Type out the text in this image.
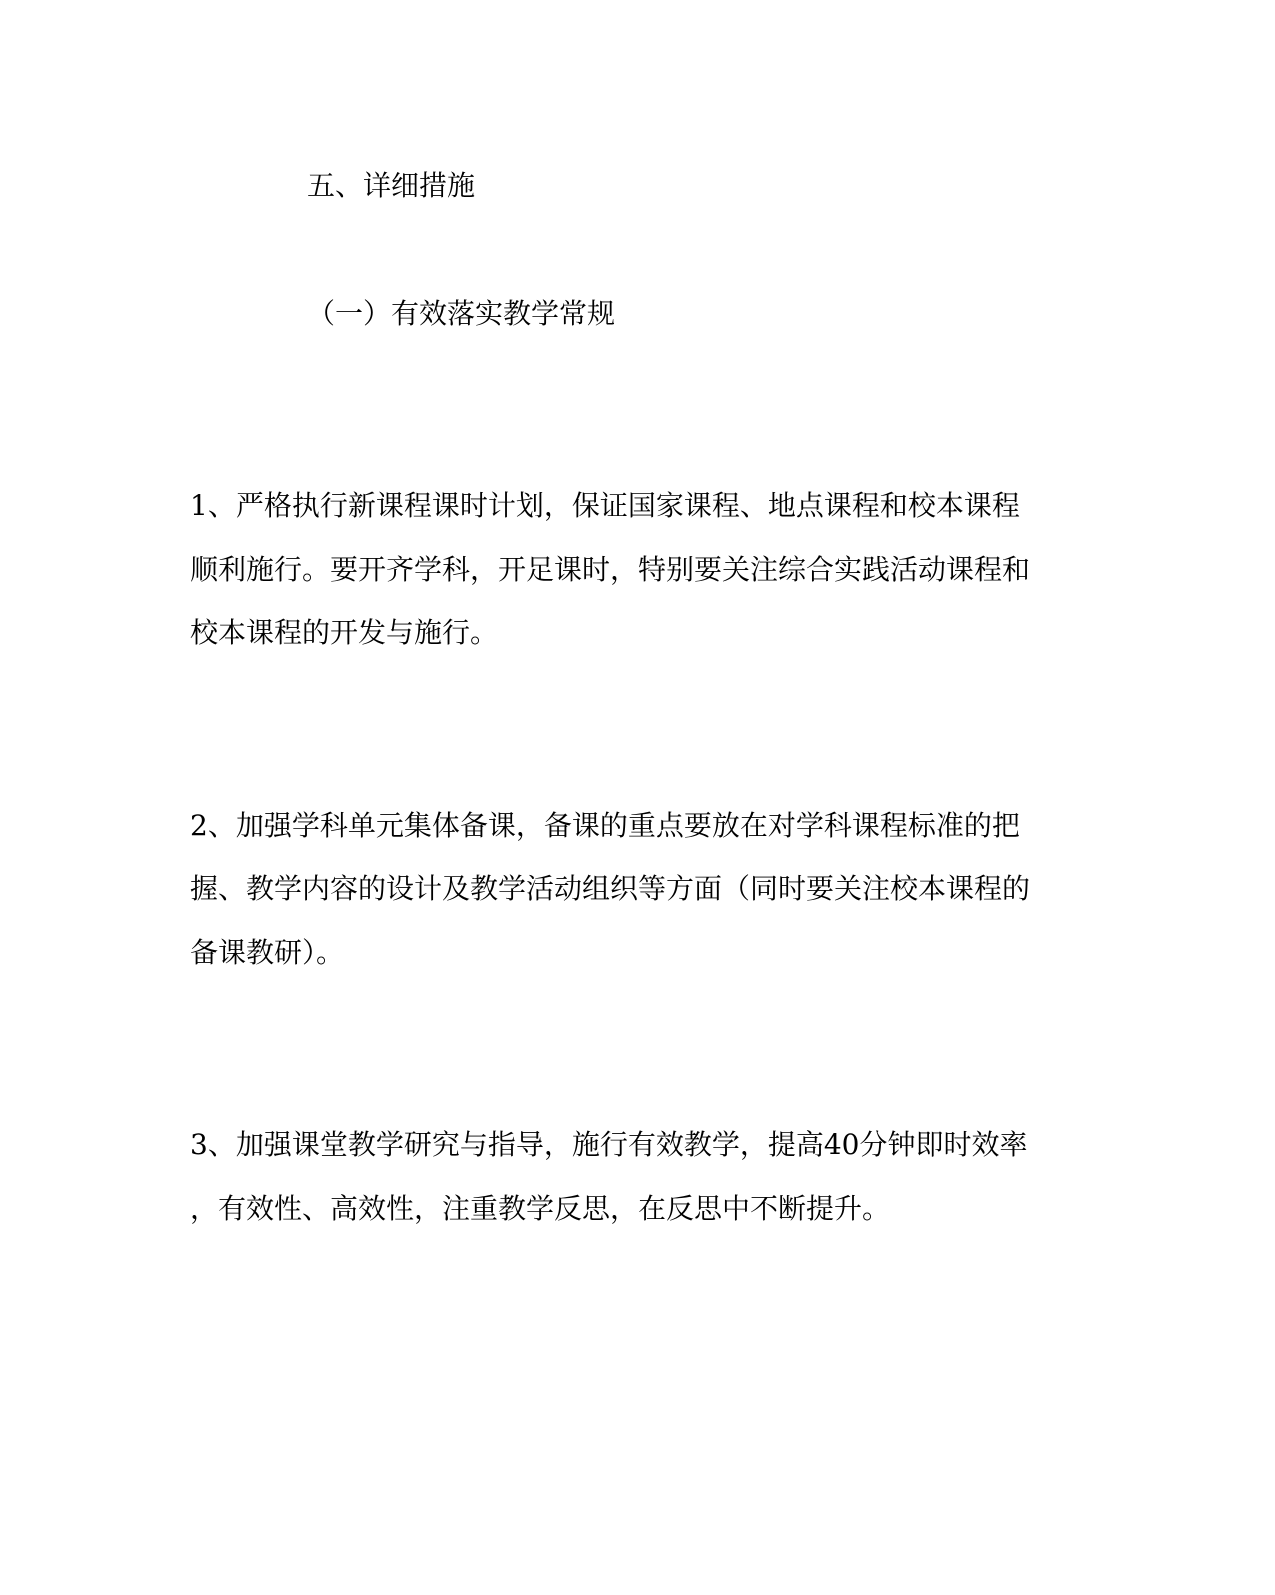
五、详细措施

（一）有效落实教学常规

1、严格执行新课程课时计划，保证国家课程、地点课程和校本课程

顺利施行。要开齐学科，开足课时，特别要关注综合实践活动课程和

校本课程的开发与施行。

2、加强学科单元集体备课，备课的重点要放在对学科课程标准的把

握、教学内容的设计及教学活动组织等方面（同时要关注校本课程的

备课教研）。

3、加强课堂教学研究与指导，施行有效教学，提高40分钟即时效率

，有效性、高效性，注重教学反思，在反思中不断提升。
